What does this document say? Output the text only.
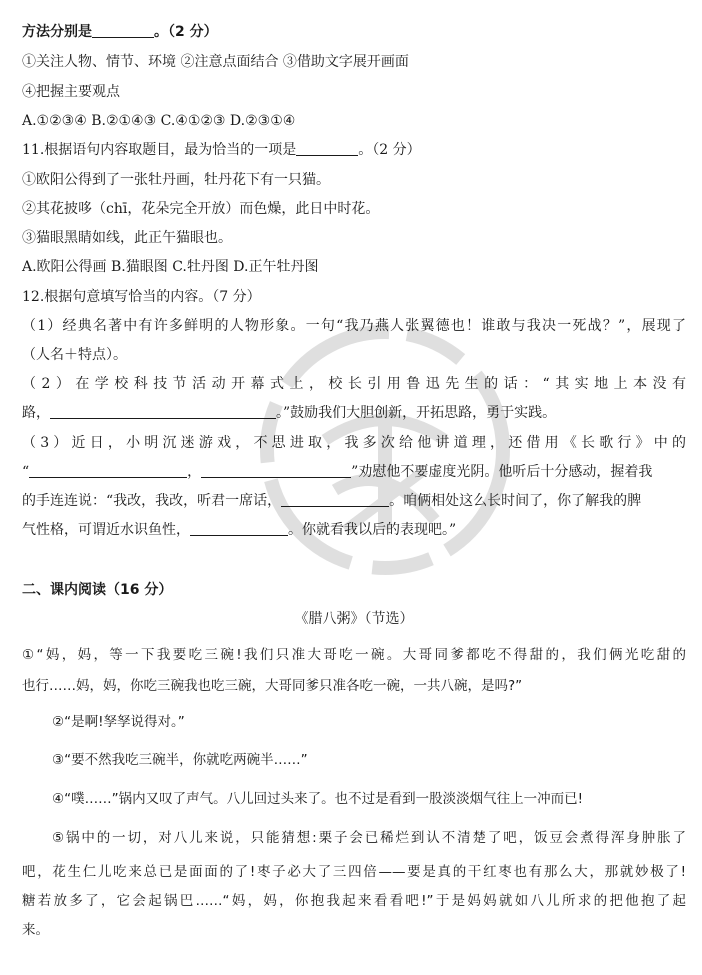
方法分别是	。（2 分）
①关注人物、情节、环境 ②注意点面结合 ③借助文字展开画面
④把握主要观点
A.①②③④ B.②①④③ C.④①②③ D.②③①④
11.根据语句内容取题目，最为恰当的一项是	。（2 分）
①欧阳公得到了一张牡丹画，牡丹花下有一只猫。
②其花披哆（chī，花朵完全开放）而色燥，此日中时花。
③猫眼黑睛如线，此正午猫眼也。
A.欧阳公得画 B.猫眼图 C.牡丹图 D.正午牡丹图
12.根据句意填写恰当的内容。（7 分）
（1）经典名著中有许多鲜明的人物形象。一句“我乃燕人张翼德也！谁敢与我决一死战？”，展现了
（人名＋特点）。
（2）在学校科技节活动开幕式上，校长引用鲁迅先生的话：“其实地上本没有
路，	。”鼓励我们大胆创新，开拓思路，勇于实践。
（3）近日，小明沉迷游戏，不思进取，我多次给他讲道理，还借用《长歌行》中的
“	，	”劝慰他不要虚度光阴。他听后十分感动，握着我
的手连连说：“我改，我改，听君一席话，	。咱俩相处这么长时间了，你了解我的脾
气性格，可谓近水识鱼性，	。你就看我以后的表现吧。”
二、课内阅读（16 分）
《腊八粥》（节选）
①“妈，妈，等一下我要吃三碗!我们只准大哥吃一碗。大哥同爹都吃不得甜的，我们俩光吃甜的
也行……妈，妈，你吃三碗我也吃三碗，大哥同爹只准各吃一碗，一共八碗，是吗?”
②“是啊!孥孥说得对。”
③“要不然我吃三碗半，你就吃两碗半……”
④“噗……”锅内又叹了声气。八儿回过头来了。也不过是看到一股淡淡烟气往上一冲而已!
⑤锅中的一切，对八儿来说，只能猜想:栗子会已稀烂到认不清楚了吧，饭豆会煮得浑身肿胀了
吧，花生仁儿吃来总已是面面的了!枣子必大了三四倍——要是真的干红枣也有那么大，那就妙极了!
糖若放多了，它会起锅巴……“妈，妈，你抱我起来看看吧!”于是妈妈就如八儿所求的把他抱了起
来。
